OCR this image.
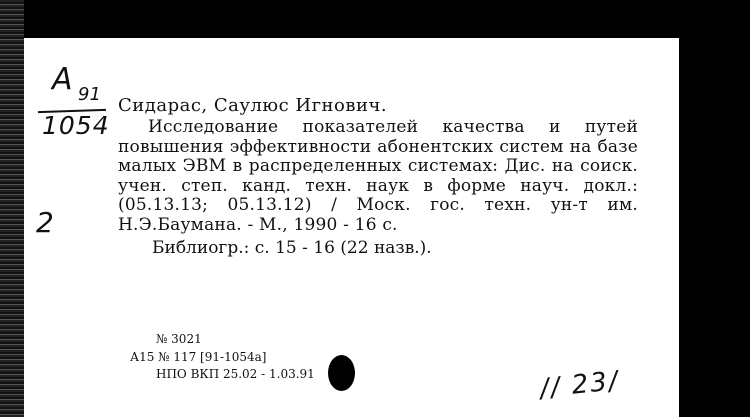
А 91
1054
2
Сидарас, Саулюс Игнович.

Исследование показателей качества и путей повышения эффективности абонентских систем на базе малых ЭВМ в распределенных системах: Дис. на соиск. учен. степ. канд. техн. наук в форме науч. докл.: (05.13.13; 05.13.12) / Моск. гос. техн. ун-т им. Н.Э.Баумана. - М., 1990 - 16 с.

Библиогр.: с. 15 - 16 (22 назв.).
№ 3021
А15 № 117 [91-1054а]
НПО ВКП 25.02 - 1.03.91	// 23/
